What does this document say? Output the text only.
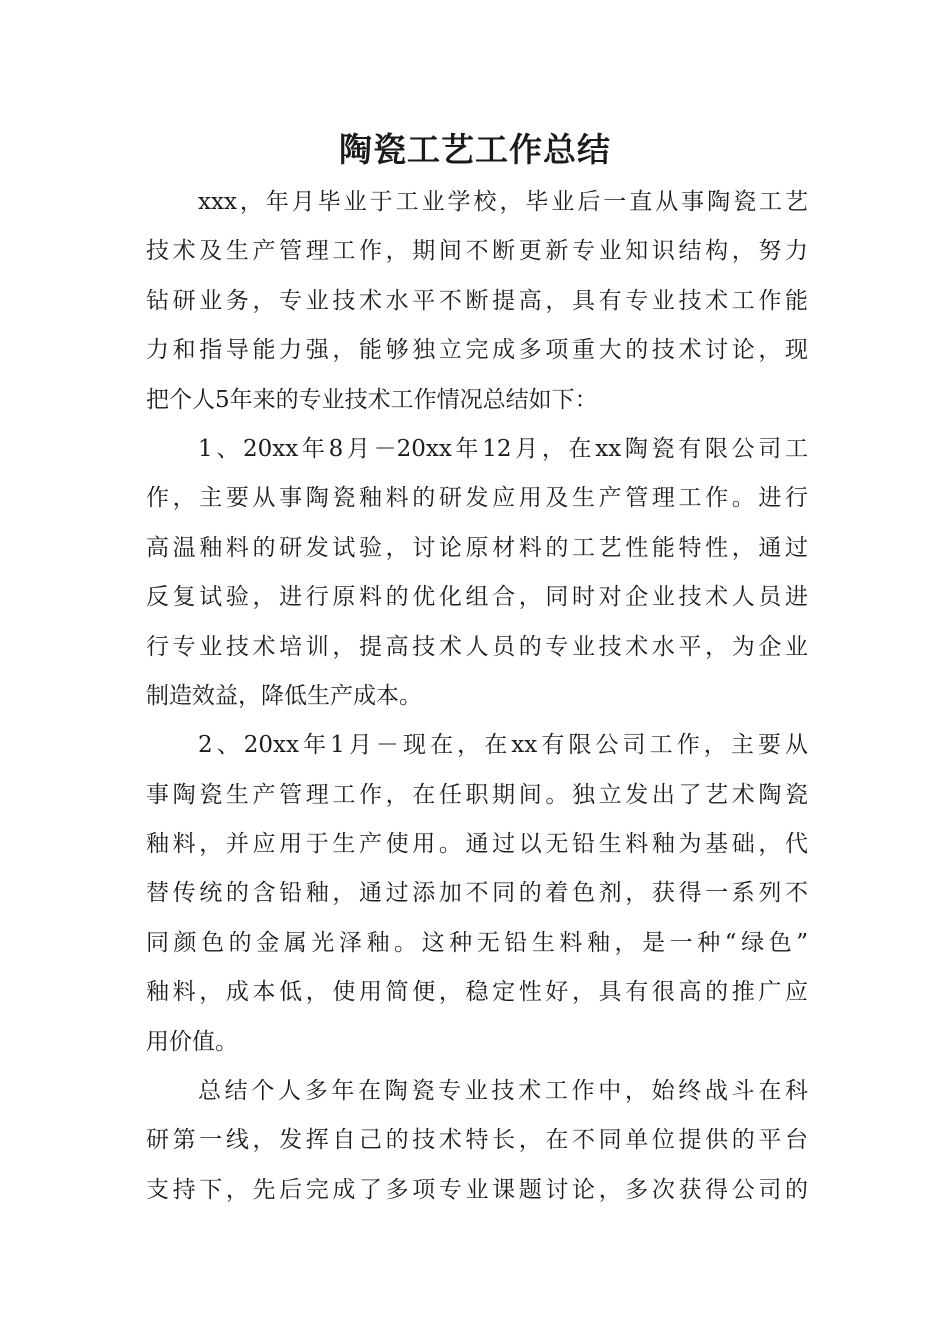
陶瓷工艺工作总结
xxx，年月毕业于工业学校，毕业后一直从事陶瓷工艺
技术及生产管理工作，期间不断更新专业知识结构，努力
钻研业务，专业技术水平不断提高，具有专业技术工作能
力和指导能力强，能够独立完成多项重大的技术讨论，现
把个人5年来的专业技术工作情况总结如下：
1、20xx年8月－20xx年12月，在xx陶瓷有限公司工
作，主要从事陶瓷釉料的研发应用及生产管理工作。进行
高温釉料的研发试验，讨论原材料的工艺性能特性，通过
反复试验，进行原料的优化组合，同时对企业技术人员进
行专业技术培训，提高技术人员的专业技术水平，为企业
制造效益，降低生产成本。
2、20xx年1月－现在，在xx有限公司工作，主要从
事陶瓷生产管理工作，在任职期间。独立发出了艺术陶瓷
釉料，并应用于生产使用。通过以无铅生料釉为基础，代
替传统的含铅釉，通过添加不同的着色剂，获得一系列不
同颜色的金属光泽釉。这种无铅生料釉，是一种“绿色”
釉料，成本低，使用简便，稳定性好，具有很高的推广应
用价值。
总结个人多年在陶瓷专业技术工作中，始终战斗在科
研第一线，发挥自己的技术特长，在不同单位提供的平台
支持下，先后完成了多项专业课题讨论，多次获得公司的
